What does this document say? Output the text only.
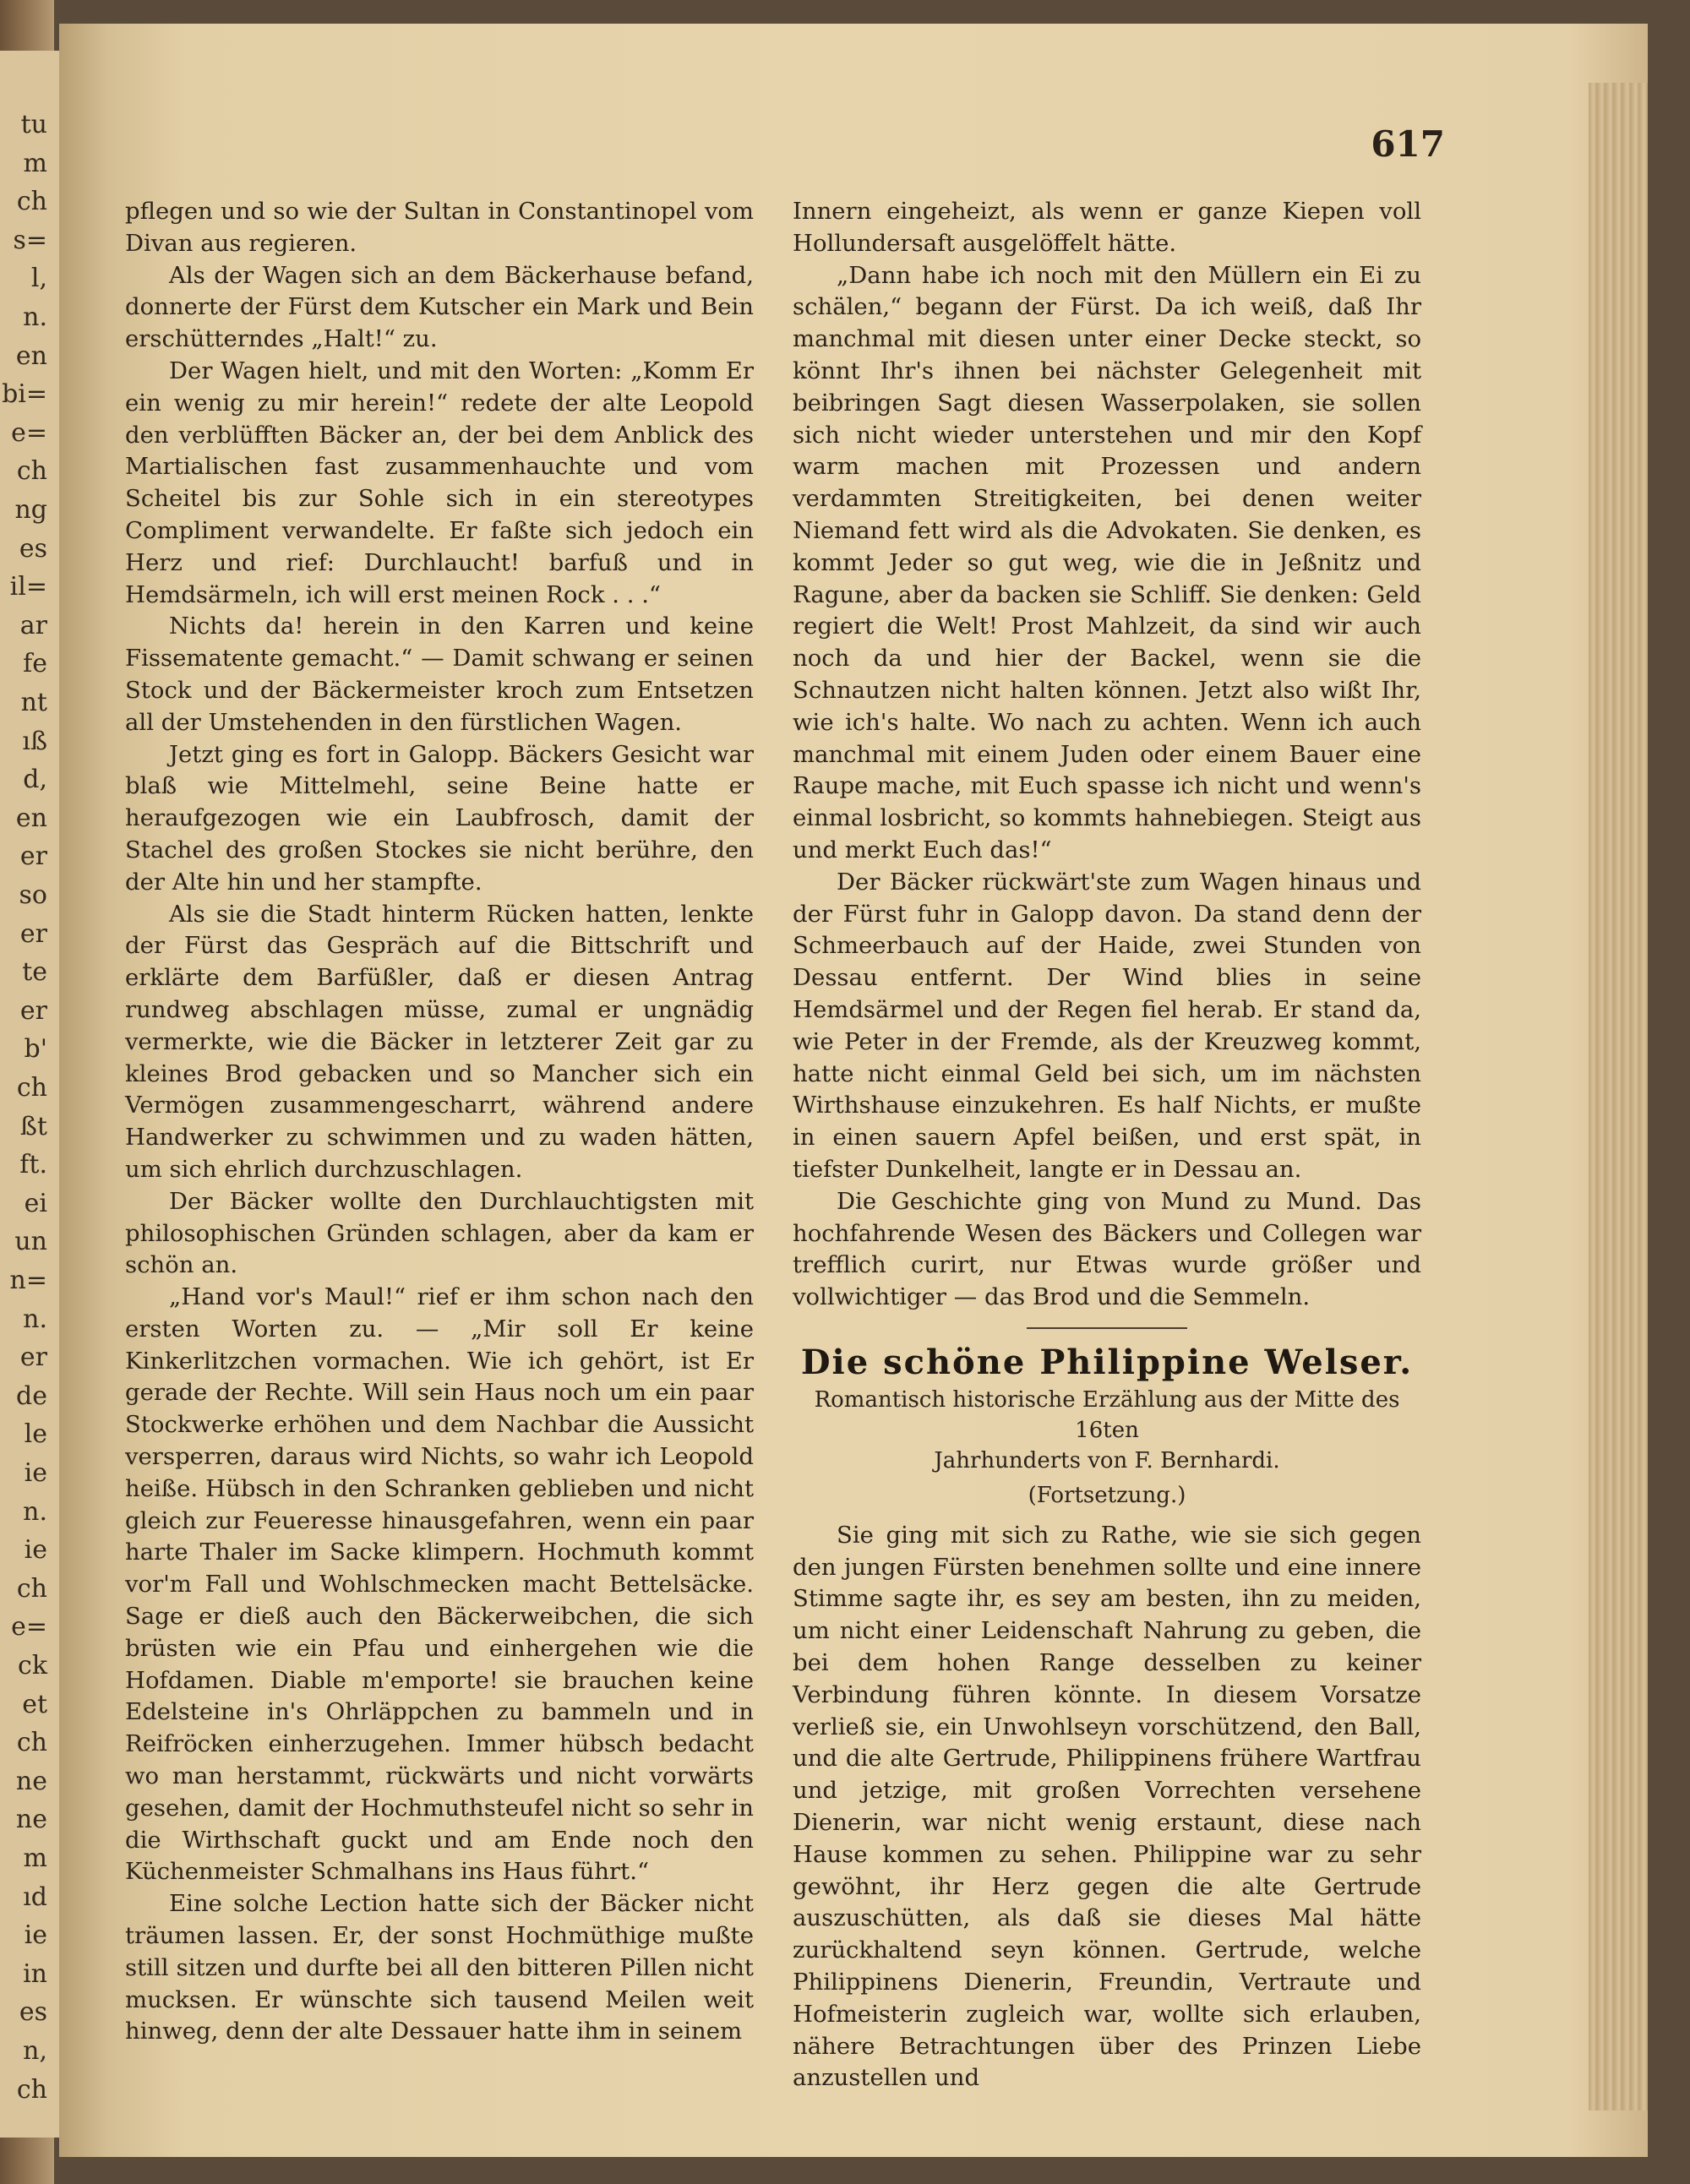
tu
m
ch
s=
l,
n.
en
bi=
e=
ch
ng
es
il=
ar
fe
nt
ıß
d,
en
er
so
er
te
er
b'
ch
ßt
ft.
ei
un
n=
n.
er
de
le
ie
n.
ie
ch
e=
ck
et
ch
ne
ne
m
ıd
ie
in
es
n,
ch
617

pflegen und so wie der Sultan in Constantinopel vom Divan aus regieren.

Als der Wagen sich an dem Bäckerhause befand, donnerte der Fürst dem Kutscher ein Mark und Bein erschütterndes „Halt!“ zu.

Der Wagen hielt, und mit den Worten: „Komm Er ein wenig zu mir herein!“ redete der alte Leopold den verblüfften Bäcker an, der bei dem Anblick des Martialischen fast zusammenhauchte und vom Scheitel bis zur Sohle sich in ein stereotypes Compliment verwandelte. Er faßte sich jedoch ein Herz und rief: Durchlaucht! barfuß und in Hemdsärmeln, ich will erst meinen Rock . . .“

Nichts da! herein in den Karren und keine Fissematente gemacht.“ — Damit schwang er seinen Stock und der Bäckermeister kroch zum Entsetzen all der Umstehenden in den fürstlichen Wagen.

Jetzt ging es fort in Galopp. Bäckers Gesicht war blaß wie Mittelmehl, seine Beine hatte er heraufgezogen wie ein Laubfrosch, damit der Stachel des großen Stockes sie nicht berühre, den der Alte hin und her stampfte.

Als sie die Stadt hinterm Rücken hatten, lenkte der Fürst das Gespräch auf die Bittschrift und erklärte dem Barfüßler, daß er diesen Antrag rundweg abschlagen müsse, zumal er ungnädig vermerkte, wie die Bäcker in letzterer Zeit gar zu kleines Brod gebacken und so Mancher sich ein Vermögen zusammengescharrt, während andere Handwerker zu schwimmen und zu waden hätten, um sich ehrlich durchzuschlagen.

Der Bäcker wollte den Durchlauchtigsten mit philosophischen Gründen schlagen, aber da kam er schön an.

„Hand vor's Maul!“ rief er ihm schon nach den ersten Worten zu. — „Mir soll Er keine Kinkerlitzchen vormachen. Wie ich gehört, ist Er gerade der Rechte. Will sein Haus noch um ein paar Stockwerke erhöhen und dem Nachbar die Aussicht versperren, daraus wird Nichts, so wahr ich Leopold heiße. Hübsch in den Schranken geblieben und nicht gleich zur Feueresse hinausgefahren, wenn ein paar harte Thaler im Sacke klimpern. Hochmuth kommt vor'm Fall und Wohlschmecken macht Bettelsäcke. Sage er dieß auch den Bäckerweibchen, die sich brüsten wie ein Pfau und einhergehen wie die Hofdamen. Diable m'emporte! sie brauchen keine Edelsteine in's Ohrläppchen zu bammeln und in Reifröcken einherzugehen. Immer hübsch bedacht wo man herstammt, rückwärts und nicht vorwärts gesehen, damit der Hochmuthsteufel nicht so sehr in die Wirthschaft guckt und am Ende noch den Küchenmeister Schmalhans ins Haus führt.“

Eine solche Lection hatte sich der Bäcker nicht träumen lassen. Er, der sonst Hochmüthige mußte still sitzen und durfte bei all den bitteren Pillen nicht mucksen. Er wünschte sich tausend Meilen weit hinweg, denn der alte Dessauer hatte ihm in seinem

Innern eingeheizt, als wenn er ganze Kiepen voll Hollundersaft ausgelöffelt hätte.

„Dann habe ich noch mit den Müllern ein Ei zu schälen,“ begann der Fürst. Da ich weiß, daß Ihr manchmal mit diesen unter einer Decke steckt, so könnt Ihr's ihnen bei nächster Gelegenheit mit beibringen Sagt diesen Wasserpolaken, sie sollen sich nicht wieder unterstehen und mir den Kopf warm machen mit Prozessen und andern verdammten Streitigkeiten, bei denen weiter Niemand fett wird als die Advokaten. Sie denken, es kommt Jeder so gut weg, wie die in Jeßnitz und Ragune, aber da backen sie Schliff. Sie denken: Geld regiert die Welt! Prost Mahlzeit, da sind wir auch noch da und hier der Backel, wenn sie die Schnautzen nicht halten können. Jetzt also wißt Ihr, wie ich's halte. Wo nach zu achten. Wenn ich auch manchmal mit einem Juden oder einem Bauer eine Raupe mache, mit Euch spasse ich nicht und wenn's einmal losbricht, so kommts hahnebiegen. Steigt aus und merkt Euch das!“

Der Bäcker rückwärt'ste zum Wagen hinaus und der Fürst fuhr in Galopp davon. Da stand denn der Schmeerbauch auf der Haide, zwei Stunden von Dessau entfernt. Der Wind blies in seine Hemdsärmel und der Regen fiel herab. Er stand da, wie Peter in der Fremde, als der Kreuzweg kommt, hatte nicht einmal Geld bei sich, um im nächsten Wirthshause einzukehren. Es half Nichts, er mußte in einen sauern Apfel beißen, und erst spät, in tiefster Dunkelheit, langte er in Dessau an.

Die Geschichte ging von Mund zu Mund. Das hochfahrende Wesen des Bäckers und Collegen war trefflich curirt, nur Etwas wurde größer und vollwichtiger — das Brod und die Semmeln.

Die schöne Philippine Welser.
Romantisch historische Erzählung aus der Mitte des 16ten
Jahrhunderts von F. Bernhardi.
(Fortsetzung.)

Sie ging mit sich zu Rathe, wie sie sich gegen den jungen Fürsten benehmen sollte und eine innere Stimme sagte ihr, es sey am besten, ihn zu meiden, um nicht einer Leidenschaft Nahrung zu geben, die bei dem hohen Range desselben zu keiner Verbindung führen könnte. In diesem Vorsatze verließ sie, ein Unwohlseyn vorschützend, den Ball, und die alte Gertrude, Philippinens frühere Wartfrau und jetzige, mit großen Vorrechten versehene Dienerin, war nicht wenig erstaunt, diese nach Hause kommen zu sehen. Philippine war zu sehr gewöhnt, ihr Herz gegen die alte Gertrude auszuschütten, als daß sie dieses Mal hätte zurückhaltend seyn können. Gertrude, welche Philippinens Dienerin, Freundin, Vertraute und Hofmeisterin zugleich war, wollte sich erlauben, nähere Betrachtungen über des Prinzen Liebe anzustellen und
